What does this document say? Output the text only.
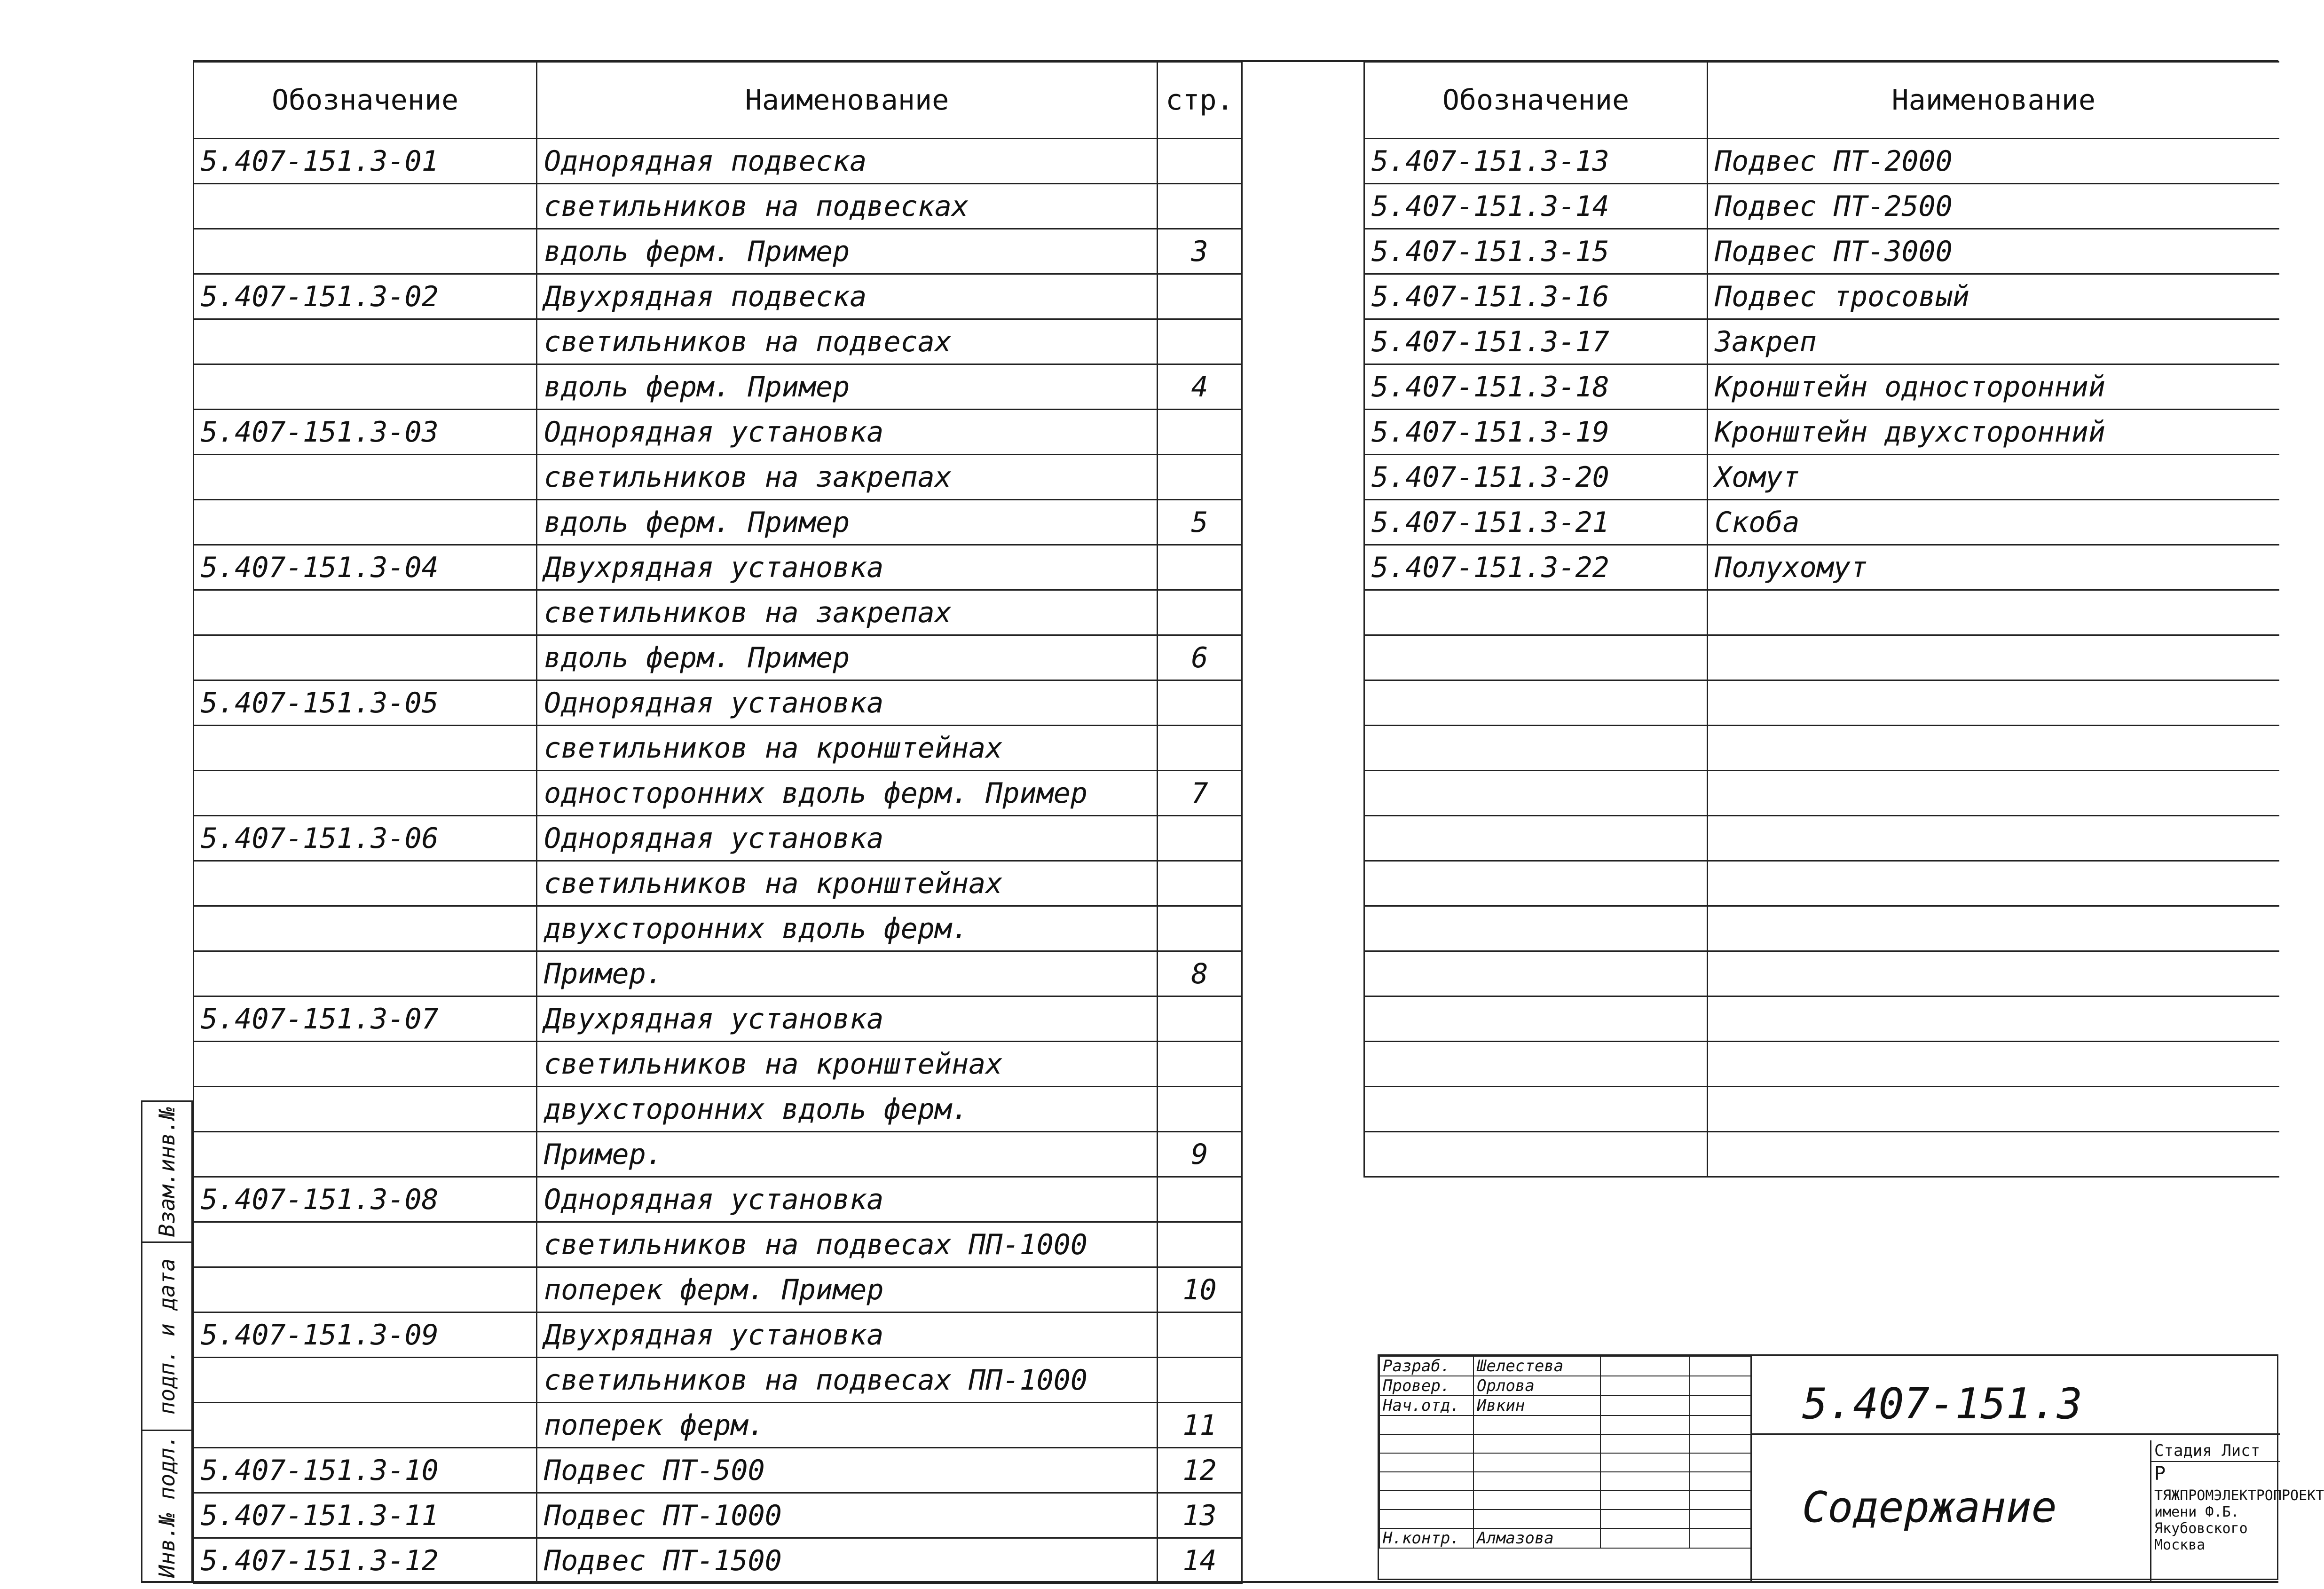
Обозначение	Наименование	стр.
5.407-151.3-01	Однорядная подвеска	
	светильников на подвесках	
	вдоль ферм. Пример	3
5.407-151.3-02	Двухрядная подвеска	
	светильников на подвесах	
	вдоль ферм. Пример	4
5.407-151.3-03	Однорядная установка	
	светильников на закрепах	
	вдоль ферм. Пример	5
5.407-151.3-04	Двухрядная установка	
	светильников на закрепах	
	вдоль ферм. Пример	6
5.407-151.3-05	Однорядная установка	
	светильников на кронштейнах	
	односторонних вдоль ферм. Пример	7
5.407-151.3-06	Однорядная установка	
	светильников на кронштейнах	
	двухсторонних вдоль ферм.	
	Пример.	8
5.407-151.3-07	Двухрядная установка	
	светильников на кронштейнах	
	двухсторонних вдоль ферм.	
	Пример.	9
5.407-151.3-08	Однорядная установка	
	светильников на подвесах ПП-1000	
	поперек ферм. Пример	10
5.407-151.3-09	Двухрядная установка	
	светильников на подвесах ПП-1000	
	поперек ферм.	11
5.407-151.3-10	Подвес ПТ-500	12
5.407-151.3-11	Подвес ПТ-1000	13
5.407-151.3-12	Подвес ПТ-1500	14
Обозначение	Наименование
5.407-151.3-13	Подвес ПТ-2000
5.407-151.3-14	Подвес ПТ-2500
5.407-151.3-15	Подвес ПТ-3000
5.407-151.3-16	Подвес тросовый
5.407-151.3-17	Закреп
5.407-151.3-18	Кронштейн односторонний
5.407-151.3-19	Кронштейн двухсторонний
5.407-151.3-20	Хомут
5.407-151.3-21	Скоба
5.407-151.3-22	Полухомут

Взам.инв.№
подп. и дата
Инв.№ подл.
Разраб.	Шелестева		
Провер.	Орлова		
Нач.отд.	Ивкин		

Н.контр.	Алмазова		
5.407-151.3
Содержание
Стадия Лист
Р
ТЯЖПРОМЭЛЕКТРОПРОЕКТ
имени Ф.Б. Якубовского
Москва
